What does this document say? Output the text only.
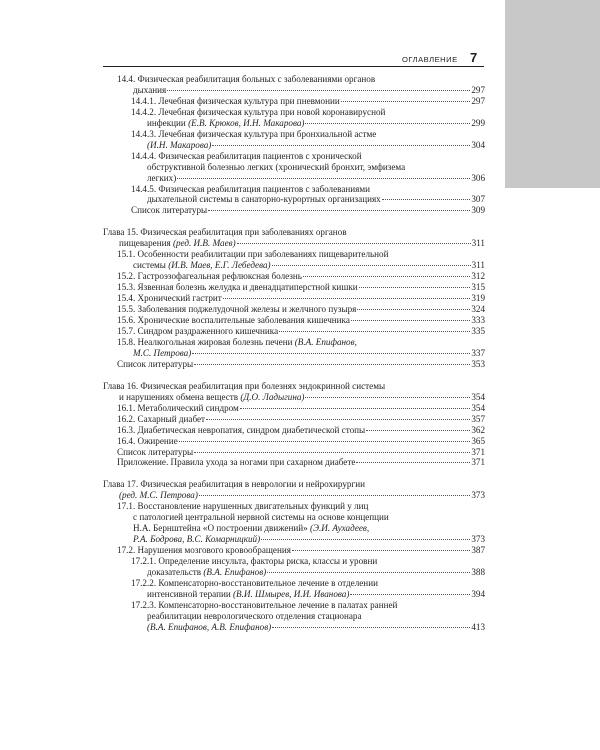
ОГЛАВЛЕНИЕ 7
14.4. Физическая реабилитация больных с заболеваниями органов
дыхания	297
14.4.1. Лечебная физическая культура при пневмонии	297
14.4.2. Лечебная физическая культура при новой коронавирусной
инфекции (Е.В. Крюков, И.Н. Макарова)	299
14.4.3. Лечебная физическая культура при бронхиальной астме
(И.Н. Макарова)	304
14.4.4. Физическая реабилитация пациентов с хронической
обструктивной болезнью легких (хронический бронхит, эмфизема
легких)	306
14.4.5. Физическая реабилитация пациентов с заболеваниями
дыхательной системы в санаторно-курортных организациях	307
Список литературы	309
Глава 15. Физическая реабилитация при заболеваниях органов
пищеварения (ред. И.В. Маев)	311
15.1. Особенности реабилитации при заболеваниях пищеварительной
системы (И.В. Маев, Е.Г. Лебедева)	311
15.2. Гастроэзофагеальная рефлюксная болезнь	312
15.3. Язвенная болезнь желудка и двенадцатиперстной кишки	315
15.4. Хронический гастрит	319
15.5. Заболевания поджелудочной железы и желчного пузыря	324
15.6. Хронические воспалительные заболевания кишечника	333
15.7. Синдром раздраженного кишечника	335
15.8. Неалкогольная жировая болезнь печени (В.А. Епифанов,
М.С. Петрова)	337
Список литературы	353
Глава 16. Физическая реабилитация при болезнях эндокринной системы
и нарушениях обмена веществ (Д.О. Ладыгина)	354
16.1. Метаболический синдром	354
16.2. Сахарный диабет	357
16.3. Диабетическая невропатия, синдром диабетической стопы	362
16.4. Ожирение	365
Список литературы	371
Приложение. Правила ухода за ногами при сахарном диабете	371
Глава 17. Физическая реабилитация в неврологии и нейрохирургии
(ред. М.С. Петрова)	373
17.1. Восстановление нарушенных двигательных функций у лиц
с патологией центральной нервной системы на основе концепции
Н.А. Бернштейна «О построении движений» (Э.И. Аухадеев,
Р.А. Бодрова, В.С. Комарницкий)	373
17.2. Нарушения мозгового кровообращения	387
17.2.1. Определение инсульта, факторы риска, классы и уровни
доказательств (В.А. Епифанов)	388
17.2.2. Компенсаторно-восстановительное лечение в отделении
интенсивной терапии (В.И. Шмырев, И.И. Иванова)	394
17.2.3. Компенсаторно-восстановительное лечение в палатах ранней
реабилитации неврологического отделения стационара
(В.А. Епифанов, А.В. Епифанов)	413
